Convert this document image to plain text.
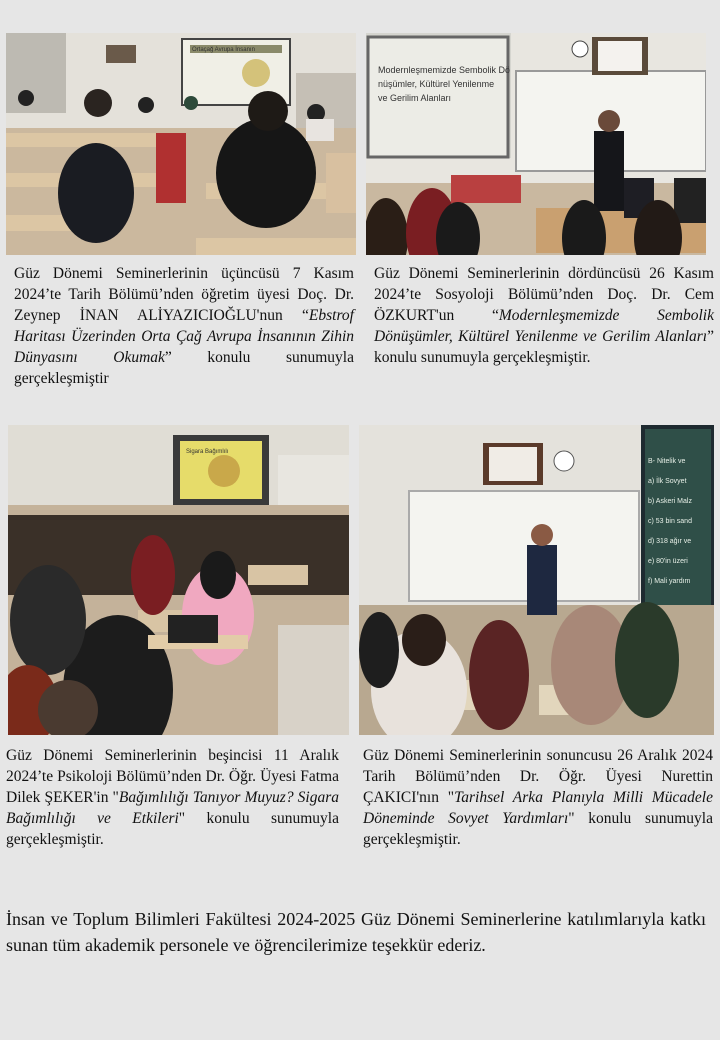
Ortaçağ Avrupa İnsanın
Modernleşmemizde Sembolik Dö
nüşümler, Kültürel Yenilenme
ve Gerilim Alanları
Güz Dönemi Seminerlerinin üçüncüsü 7 Kasım 2024’te Tarih Bölümü’nden öğretim üyesi Doç. Dr. Zeynep İNAN ALİYAZICIOĞLU'nun “Ebstrof Haritası Üzerinden Orta Çağ Avrupa İnsanının Zihin Dünyasını Okumak” konulu sunumuyla gerçekleşmiştir
Güz Dönemi Seminerlerinin dördüncüsü 26 Kasım 2024’te Sosyoloji Bölümü’nden Doç. Dr. Cem ÖZKURT'un “Modernleşmemizde Sembolik Dönüşümler, Kültürel Yenilenme ve Gerilim Alanları” konulu sunumuyla gerçekleşmiştir.
Sigara Bağımlılı
B- Nitelik ve
a) İlk Sovyet
b) Askeri Malz
c) 53 bin sand
d) 318 ağır ve
e) 80'in üzeri
f) Mali yardım
Güz Dönemi Seminerlerinin beşincisi 11 Aralık 2024’te Psikoloji Bölümü’nden Dr. Öğr. Üyesi Fatma Dilek ŞEKER'in "Bağımlılığı Tanıyor Muyuz? Sigara Bağımlılığı ve Etkileri" konulu sunumuyla gerçekleşmiştir.
Güz Dönemi Seminerlerinin sonuncusu 26 Aralık 2024 Tarih Bölümü’nden Dr. Öğr. Üyesi Nurettin ÇAKICI'nın "Tarihsel Arka Planıyla Milli Mücadele Döneminde Sovyet Yardımları" konulu sunumuyla gerçekleşmiştir.
İnsan ve Toplum Bilimleri Fakültesi 2024-2025 Güz Dönemi Seminerlerine katılımlarıyla katkı sunan tüm akademik personele ve öğrencilerimize teşekkür ederiz.
